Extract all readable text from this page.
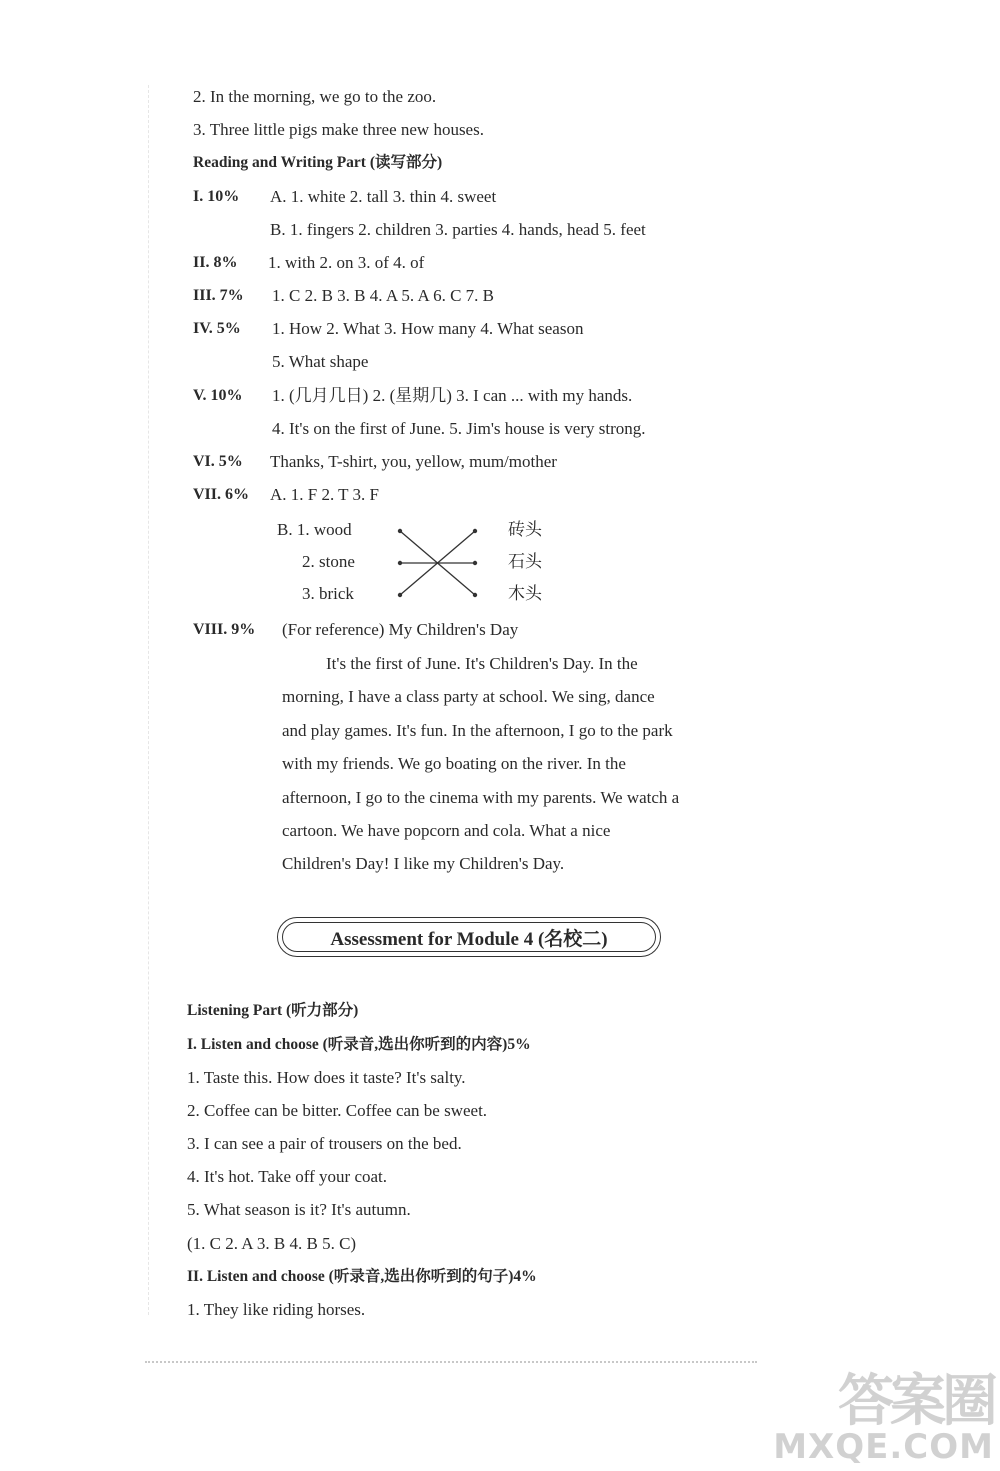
2. In the morning, we go to the zoo.
3. Three little pigs make three new houses.
Reading and Writing Part (读写部分)
I. 10% A. 1. white 2. tall 3. thin 4. sweet
B. 1. fingers 2. children 3. parties 4. hands, head 5. feet
II. 8% 1. with 2. on 3. of 4. of
III. 7% 1. C 2. B 3. B 4. A 5. A 6. C 7. B
IV. 5% 1. How 2. What 3. How many 4. What season
5. What shape
V. 10% 1. (几月几日) 2. (星期几) 3. I can ... with my hands.
4. It's on the first of June. 5. Jim's house is very strong.
VI. 5% Thanks, T-shirt, you, yellow, mum/mother
VII. 6% A. 1. F 2. T 3. F
B. 1. wood
2. stone
3. brick
砖头
石头
木头
VIII. 9% (For reference) My Children's Day
It's the first of June. It's Children's Day. In the
morning, I have a class party at school. We sing, dance
and play games. It's fun. In the afternoon, I go to the park
with my friends. We go boating on the river. In the
afternoon, I go to the cinema with my parents. We watch a
cartoon. We have popcorn and cola. What a nice
Children's Day! I like my Children's Day.
Assessment for Module 4 (名校二)
Listening Part (听力部分)
I. Listen and choose (听录音,选出你听到的内容)5%
1. Taste this. How does it taste? It's salty.
2. Coffee can be bitter. Coffee can be sweet.
3. I can see a pair of trousers on the bed.
4. It's hot. Take off your coat.
5. What season is it? It's autumn.
(1. C 2. A 3. B 4. B 5. C)
II. Listen and choose (听录音,选出你听到的句子)4%
1. They like riding horses.
答案圈
MXQE.COM
